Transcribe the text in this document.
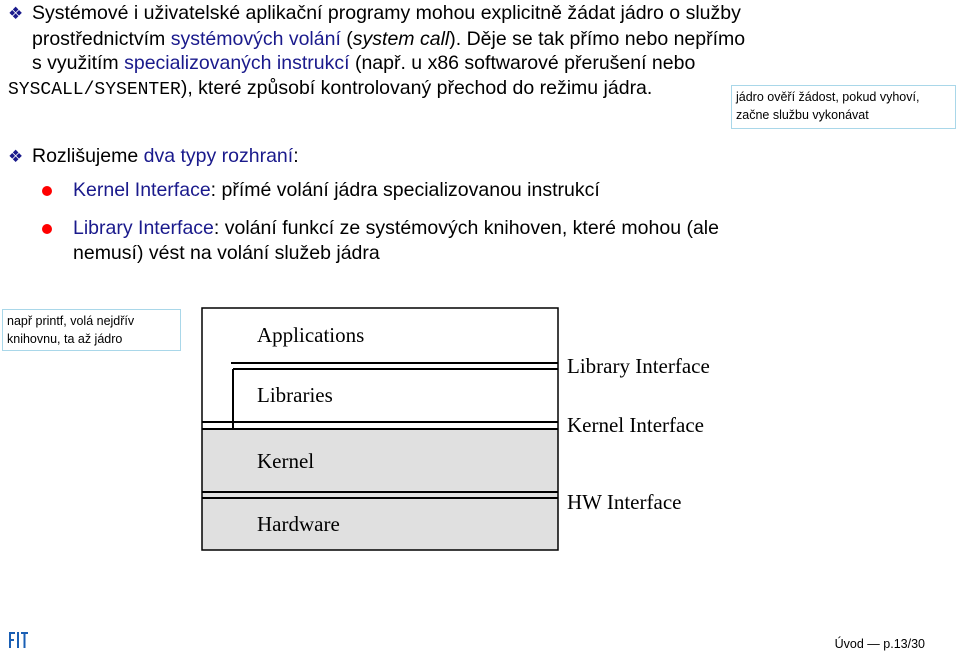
❖ Systémové i uživatelské aplikační programy mohou explicitně žádat jádro o služby
prostřednictvím systémových volání (system call). Děje se tak přímo nebo nepřímo
s využitím specializovaných instrukcí (např. u x86 softwarové přerušení nebo
SYSCALL/SYSENTER), které způsobí kontrolovaný přechod do režimu jádra.	jádro ověří žádost, pokud vyhoví,
začne službu vykonávat
❖ Rozlišujeme dva typy rozhraní:
Kernel Interface: přímé volání jádra specializovanou instrukcí
Library Interface: volání funkcí ze systémových knihoven, které mohou (ale
nemusí) vést na volání služeb jádra
např printf, volá nejdřív
knihovnu, ta až jádro	Applications
Libraries
Kernel
Hardware
Library Interface
Kernel Interface
HW Interface
Úvod — p.13/30
